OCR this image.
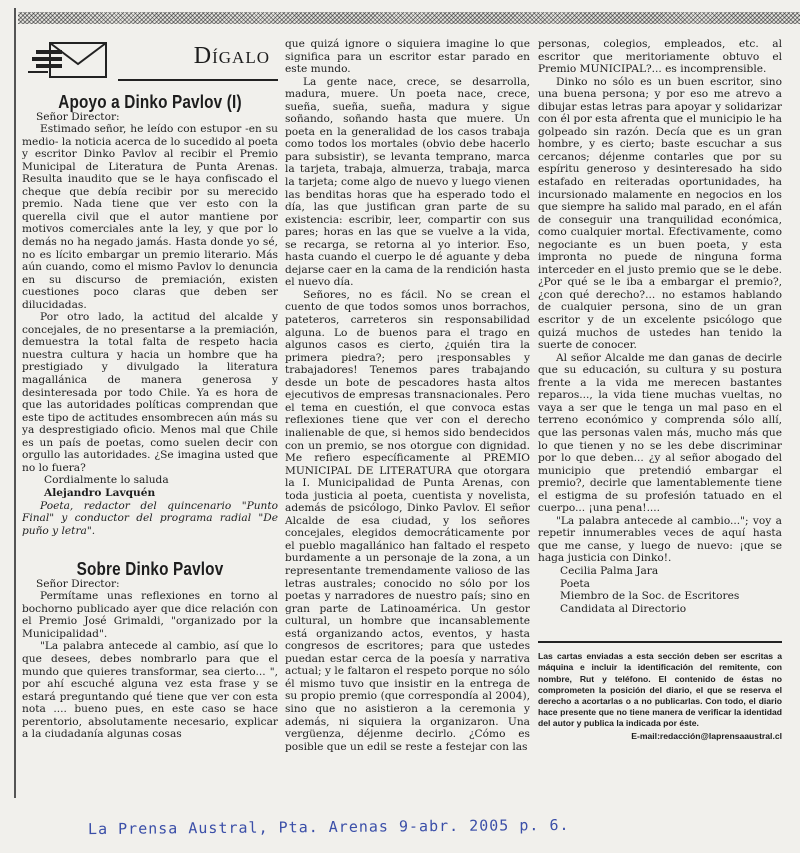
Dígalo
Apoyo a Dinko Pavlov (I)

Señor Director:

Estimado señor, he leído con estupor -en su medio- la noticia acerca de lo sucedido al poeta y escritor Dinko Pavlov al recibir el Premio Municipal de Literatura de Punta Arenas. Resulta inaudito que se le haya confiscado el cheque que debía recibir por su merecido premio. Nada tiene que ver esto con la querella civil que el autor mantiene por motivos comerciales ante la ley, y que por lo demás no ha negado jamás. Hasta donde yo sé, no es lícito embargar un premio literario. Más aún cuando, como el mismo Pavlov lo denuncia en su discurso de premiación, existen cuestiones poco claras que deben ser dilucidadas.

Por otro lado, la actitud del alcalde y concejales, de no presentarse a la premiación, demuestra la total falta de respeto hacia nuestra cultura y hacia un hombre que ha prestigiado y divulgado la literatura magallánica de manera generosa y desinteresada por todo Chile. Ya es hora de que las autoridades políticas comprendan que este tipo de actitudes ensombrecen aún más su ya desprestigiado oficio. Menos mal que Chile es un país de poetas, como suelen decir con orgullo las autoridades. ¿Se imagina usted que no lo fuera?

Cordialmente lo saluda

Alejandro Lavquén

Poeta, redactor del quincenario "Punto Final" y conductor del programa radial "De puño y letra".

Sobre Dinko Pavlov

Señor Director:

Permítame unas reflexiones en torno al bochorno publicado ayer que dice relación con el Premio José Grimaldi, "organizado por la Municipalidad".

"La palabra antecede al cambio, así que lo que desees, debes nombrarlo para que el mundo que quieres transformar, sea cierto... ", por ahí escuché alguna vez esta frase y se estará preguntando qué tiene que ver con esta nota .... bueno pues, en este caso se hace perentorio, absolutamente necesario, explicar a la ciudadanía algunas cosas

que quizá ignore o siquiera imagine lo que significa para un escritor estar parado en este mundo.

La gente nace, crece, se desarrolla, madura, muere. Un poeta nace, crece, sueña, sueña, sueña, madura y sigue soñando, soñando hasta que muere. Un poeta en la generalidad de los casos trabaja como todos los mortales (obvio debe hacerlo para subsistir), se levanta temprano, marca la tarjeta, trabaja, almuerza, trabaja, marca la tarjeta; come algo de nuevo y luego vienen las benditas horas que ha esperado todo el día, las que justifican gran parte de su existencia: escribir, leer, compartir con sus pares; horas en las que se vuelve a la vida, se recarga, se retorna al yo interior. Eso, hasta cuando el cuerpo le dé aguante y deba dejarse caer en la cama de la rendición hasta el nuevo día.

Señores, no es fácil. No se crean el cuento de que todos somos unos borrachos, pateteros, carreteros sin responsabilidad alguna. Lo de buenos para el trago en algunos casos es cierto, ¿quién tira la primera piedra?; pero ¡responsables y trabajadores! Tenemos pares trabajando desde un bote de pescadores hasta altos ejecutivos de empresas transnacionales. Pero el tema en cuestión, el que convoca estas reflexiones tiene que ver con el derecho inalienable de que, si hemos sido bendecidos con un premio, se nos otorgue con dignidad. Me refiero específicamente al PREMIO MUNICIPAL DE LITERATURA que otorgara la I. Municipalidad de Punta Arenas, con toda justicia al poeta, cuentista y novelista, además de psicólogo, Dinko Pavlov. El señor Alcalde de esa ciudad, y los señores concejales, elegidos democráticamente por el pueblo magallánico han faltado el respeto burdamente a un personaje de la zona, a un representante tremendamente valioso de las letras australes; conocido no sólo por los poetas y narradores de nuestro país; sino en gran parte de Latinoamérica. Un gestor cultural, un hombre que incansablemente está organizando actos, eventos, y hasta congresos de escritores; para que ustedes puedan estar cerca de la poesía y narrativa actual; y le faltaron el respeto porque no sólo él mismo tuvo que insistir en la entrega de su propio premio (que correspondía al 2004), sino que no asistieron a la ceremonia y además, ni siquiera la organizaron. Una vergüenza, déjenme decirlo. ¿Cómo es posible que un edil se reste a festejar con las

personas, colegios, empleados, etc. al escritor que meritoriamente obtuvo el Premio MUNICIPAL?... es incomprensible.

Dinko no sólo es un buen escritor, sino una buena persona; y por eso me atrevo a dibujar estas letras para apoyar y solidarizar con él por esta afrenta que el municipio le ha golpeado sin razón. Decía que es un gran hombre, y es cierto; baste escuchar a sus cercanos; déjenme contarles que por su espíritu generoso y desinteresado ha sido estafado en reiteradas oportunidades, ha incursionado malamente en negocios en los que siempre ha salido mal parado, en el afán de conseguir una tranquilidad económica, como cualquier mortal. Efectivamente, como negociante es un buen poeta, y esta impronta no puede de ninguna forma interceder en el justo premio que se le debe. ¿Por qué se le iba a embargar el premio?, ¿con qué derecho?... no estamos hablando de cualquier persona, sino de un gran escritor y de un excelente psicólogo que quizá muchos de ustedes han tenido la suerte de conocer.

Al señor Alcalde me dan ganas de decirle que su educación, su cultura y su postura frente a la vida me merecen bastantes reparos..., la vida tiene muchas vueltas, no vaya a ser que le tenga un mal paso en el terreno económico y comprenda sólo allí, que las personas valen más, mucho más que lo que tienen y no se les debe discriminar por lo que deben... ¿y al señor abogado del municipio que pretendió embargar el premio?, decirle que lamentablemente tiene el estigma de su profesión tatuado en el cuerpo... ¡una pena!....

"La palabra antecede al cambio..."; voy a repetir innumerables veces de aquí hasta que me canse, y luego de nuevo: ¡que se haga justicia con Dinko!.

Cecilia Palma Jara

Poeta

Miembro de la Soc. de Escritores

Candidata al Directorio

Las cartas enviadas a esta sección deben ser escritas a máquina e incluir la identificación del remitente, con nombre, Rut y teléfono. El contenido de éstas no comprometen la posición del diario, el que se reserva el derecho a acortarlas o a no publicarlas. Con todo, el diario hace presente que no tiene manera de verificar la identidad del autor y publica la indicada por éste.
E-mail:redacción@laprensaaustral.cl
La Prensa Austral, Pta. Arenas 9-abr. 2005 p. 6.
